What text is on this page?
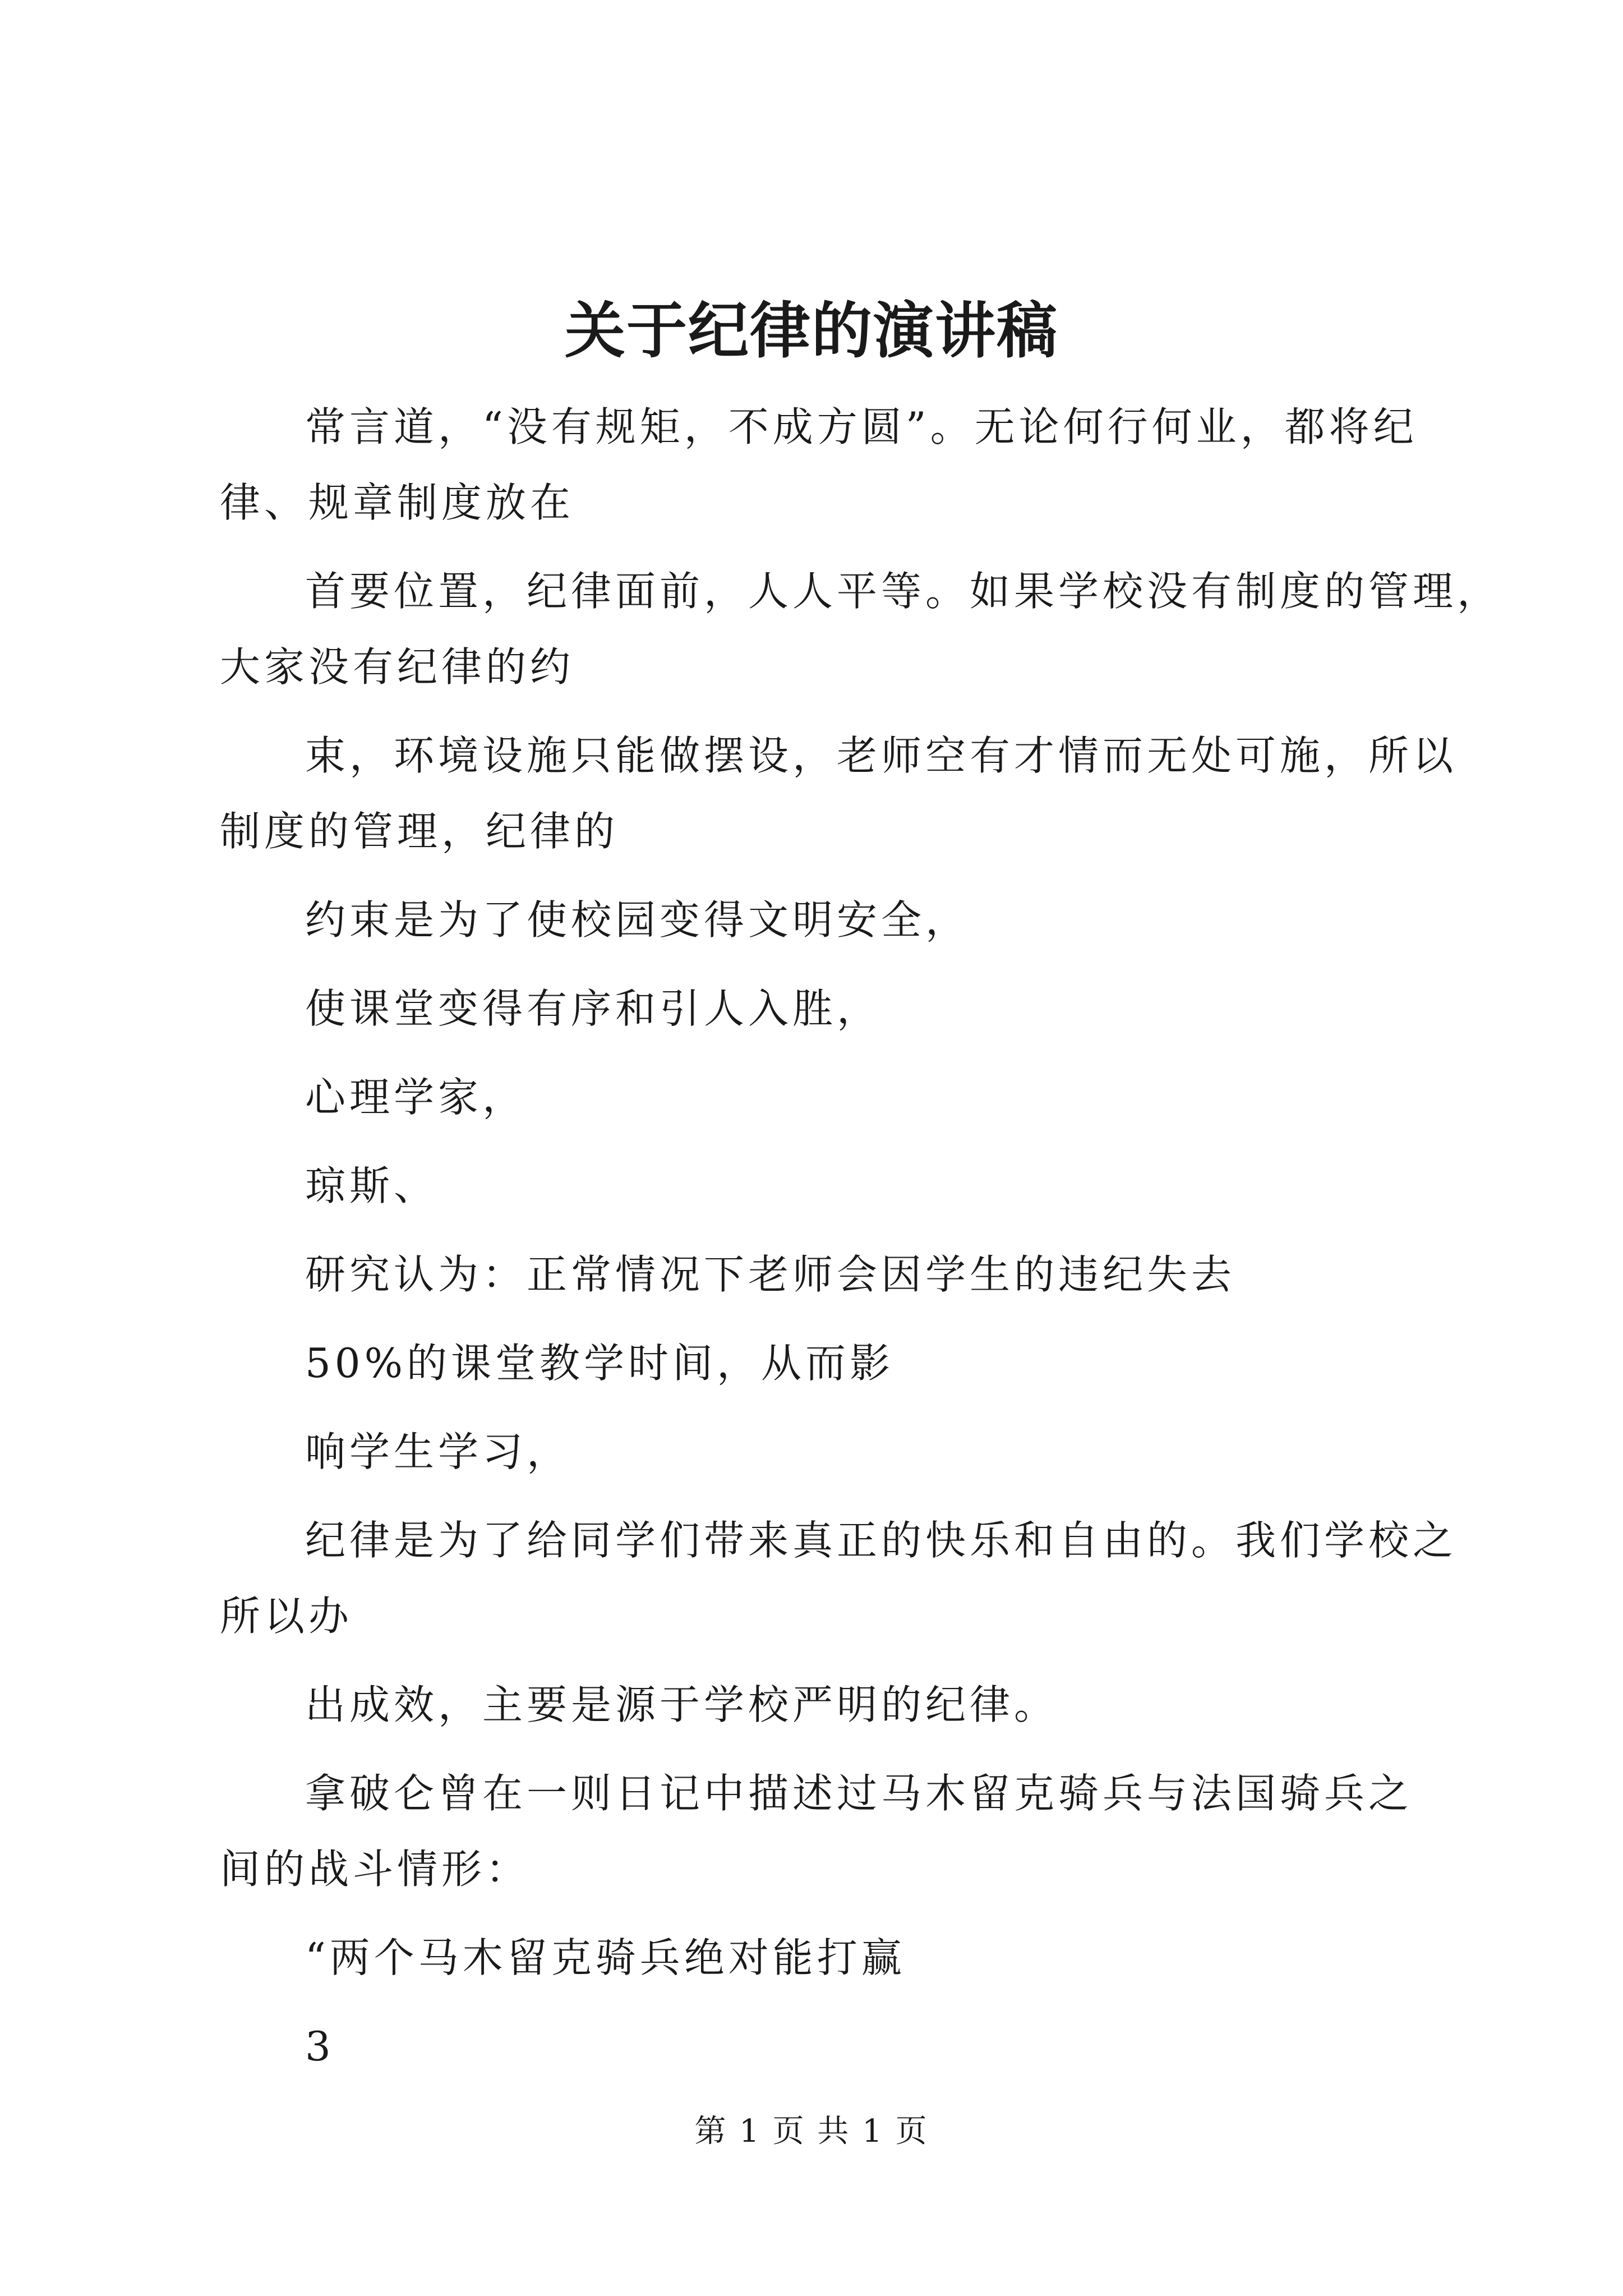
关于纪律的演讲稿

常言道，“没有规矩，不成方圆”。无论何行何业，都将纪
律、规章制度放在

首要位置，纪律面前，人人平等。如果学校没有制度的管理，
大家没有纪律的约

束，环境设施只能做摆设，老师空有才情而无处可施，所以
制度的管理，纪律的

约束是为了使校园变得文明安全，

使课堂变得有序和引人入胜，

心理学家，

琼斯、

研究认为：正常情况下老师会因学生的违纪失去

50%的课堂教学时间，从而影

响学生学习，

纪律是为了给同学们带来真正的快乐和自由的。我们学校之
所以办

出成效，主要是源于学校严明的纪律。

拿破仑曾在一则日记中描述过马木留克骑兵与法国骑兵之
间的战斗情形：

“两个马木留克骑兵绝对能打赢

3

第 1 页 共 1 页
